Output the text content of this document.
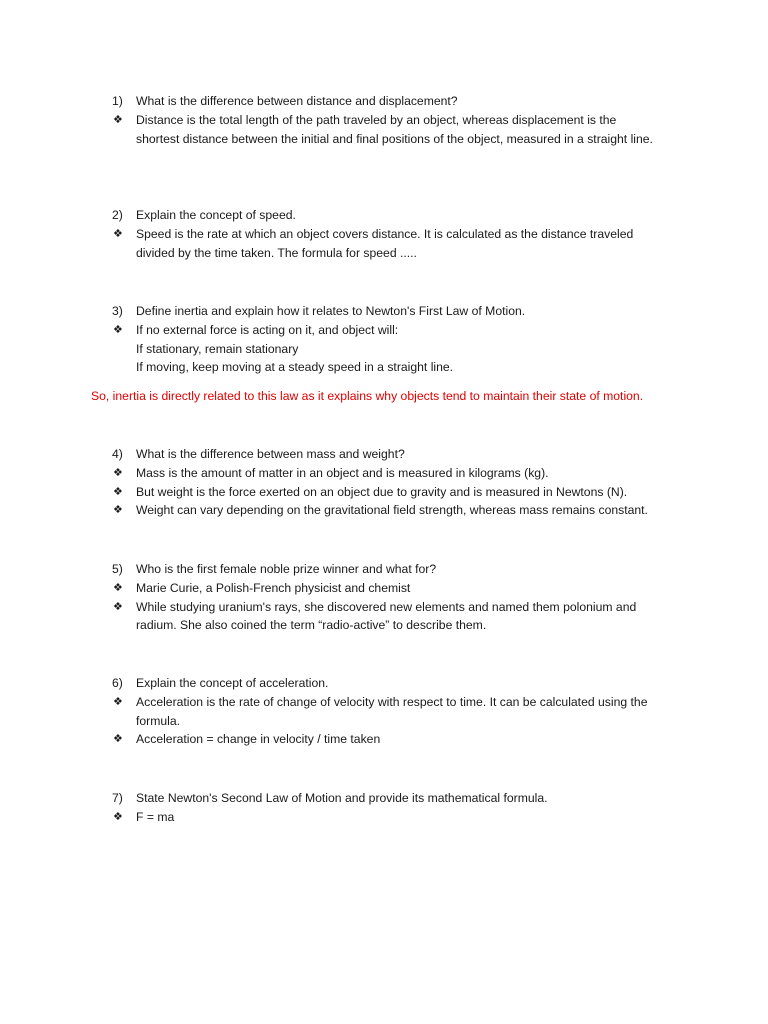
1)	What is the difference between distance and displacement?
❖	Distance is the total length of the path traveled by an object, whereas displacement is the shortest distance between the initial and final positions of the object, measured in a straight line.
2)	Explain the concept of speed.
❖	Speed is the rate at which an object covers distance. It is calculated as the distance traveled divided by the time taken. The formula for speed .....
3)	Define inertia and explain how it relates to Newton's First Law of Motion.
❖	If no external force is acting on it, and object will:
If stationary, remain stationary
If moving, keep moving at a steady speed in a straight line.
So, inertia is directly related to this law as it explains why objects tend to maintain their state of motion.
4)	What is the difference between mass and weight?
❖	Mass is the amount of matter in an object and is measured in kilograms (kg).
❖	But weight is the force exerted on an object due to gravity and is measured in Newtons (N).
❖	Weight can vary depending on the gravitational field strength, whereas mass remains constant.
5)	Who is the first female noble prize winner and what for?
❖	Marie Curie, a Polish-French physicist and chemist
❖	While studying uranium's rays, she discovered new elements and named them polonium and radium. She also coined the term “radio-active” to describe them.
6)	Explain the concept of acceleration.
❖	Acceleration is the rate of change of velocity with respect to time. It can be calculated using the formula.
❖	Acceleration = change in velocity / time taken
7)	State Newton's Second Law of Motion and provide its mathematical formula.
❖	F = ma
